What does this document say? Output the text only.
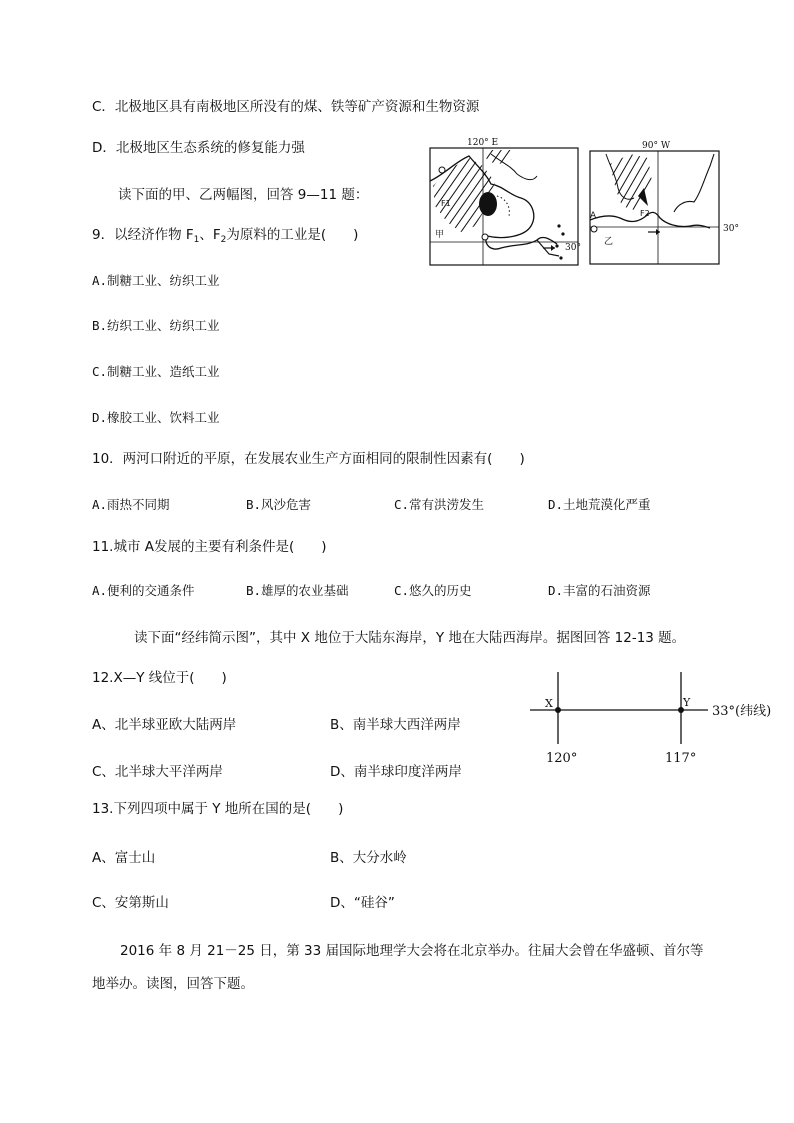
C．北极地区具有南极地区所没有的煤、铁等矿产资源和生物资源
D．北极地区生态系统的修复能力强
读下面的甲、乙两幅图，回答 9—11 题：
9．以经济作物 $F_1$、$F_2$为原料的工业是(　　)
A.制糖工业、纺织工业
B.纺织工业、纺织工业
C.制糖工业、造纸工业
D.橡胶工业、饮料工业
10．两河口附近的平原，在发展农业生产方面相同的限制性因素有(　　)
A.雨热不同期	B.风沙危害	C.常有洪涝发生	D.土地荒漠化严重
11.城市 A发展的主要有利条件是(　　)
A.便利的交通条件	B.雄厚的农业基础	C.悠久的历史	D.丰富的石油资源
读下面“经纬简示图”，其中 X 地位于大陆东海岸，Y 地在大陆西海岸。据图回答 12-13 题。
12.X—Y 线位于(　　)
A、北半球亚欧大陆两岸	B、南半球大西洋两岸
C、北半球大平洋两岸	D、南半球印度洋两岸
13.下列四项中属于 Y 地所在国的是(　　)
A、富士山	B、大分水岭
C、安第斯山	D、“硅谷”
2016 年 8 月 21－25 日，第 33 届国际地理学大会将在北京举办。往届大会曾在华盛顿、首尔等
地举办。读图，回答下题。
120° E
30°
F1
甲
90° W
30°
F2
A
乙
X	Y
33°(纬线)
120°	117°
